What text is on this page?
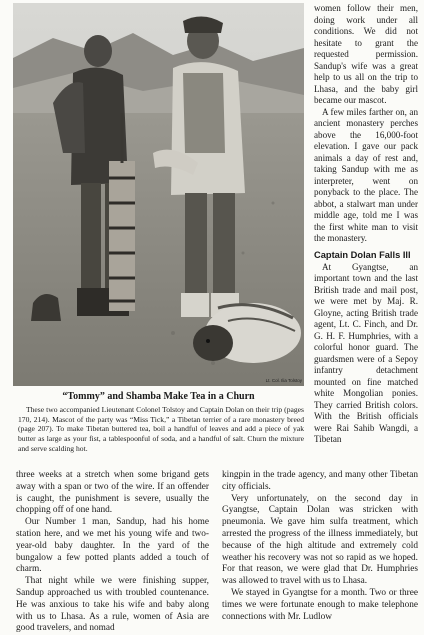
Lt. Col. Ilia Tolstoy

women follow their men, doing work under all conditions. We did not hesitate to grant the requested permission. Sandup's wife was a great help to us all on the trip to Lhasa, and the baby girl became our mascot.

A few miles farther on, an ancient monastery perches above the 16,000-foot elevation. I gave our pack animals a day of rest and, taking Sandup with me as interpreter, went on ponyback to the place. The abbot, a stalwart man under middle age, told me I was the first white man to visit the monastery.

Captain Dolan Falls Ill

At Gyangtse, an important town and the last British trade and mail post, we were met by Maj. R. Gloyne, acting British trade agent, Lt. C. Finch, and Dr. G. H. F. Humphries, with a colorful honor guard. The guardsmen were of a Sepoy infantry detachment mounted on fine matched white Mongolian ponies. They carried British colors. With the British officials were Rai Sahib Wangdi, a Tibetan

“Tommy” and Shamba Make Tea in a Churn

These two accompanied Lieutenant Colonel Tolstoy and Captain Dolan on their trip (pages 170, 214). Mascot of the party was “Miss Tick,” a Tibetan terrier of a rare monastery breed (page 207). To make Tibetan buttered tea, boil a handful of leaves and add a piece of yak butter as large as your fist, a tablespoonful of soda, and a handful of salt. Churn the mixture and serve scalding hot.

three weeks at a stretch when some brigand gets away with a span or two of the wire. If an offender is caught, the punishment is severe, usually the chopping off of one hand.

Our Number 1 man, Sandup, had his home station here, and we met his young wife and two-year-old baby daughter. In the yard of the bungalow a few potted plants added a touch of charm.

That night while we were finishing supper, Sandup approached us with troubled countenance. He was anxious to take his wife and baby along with us to Lhasa. As a rule, women of Asia are good travelers, and nomad

kingpin in the trade agency, and many other Tibetan city officials.

Very unfortunately, on the second day in Gyangtse, Captain Dolan was stricken with pneumonia. We gave him sulfa treatment, which arrested the progress of the illness immediately, but because of the high altitude and extremely cold weather his recovery was not so rapid as we hoped. For that reason, we were glad that Dr. Humphries was allowed to travel with us to Lhasa.

We stayed in Gyangtse for a month. Two or three times we were fortunate enough to make telephone connections with Mr. Ludlow
